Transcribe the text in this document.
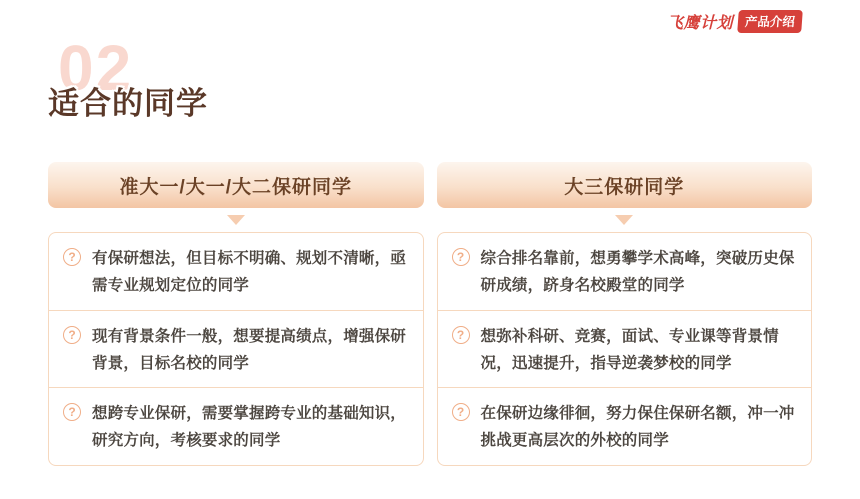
飞鹰计划 产品介绍
02
适合的同学
准大一/大一/大二保研同学
?	有保研想法，但目标不明确、规划不清晰，亟需专业规划定位的同学
?	现有背景条件一般，想要提高绩点，增强保研背景，目标名校的同学
?	想跨专业保研，需要掌握跨专业的基础知识，研究方向，考核要求的同学
大三保研同学
?	综合排名靠前，想勇攀学术高峰，突破历史保研成绩，跻身名校殿堂的同学
?	想弥补科研、竞赛，面试、专业课等背景情况，迅速提升，指导逆袭梦校的同学
?	在保研边缘徘徊，努力保住保研名额，冲一冲挑战更高层次的外校的同学
